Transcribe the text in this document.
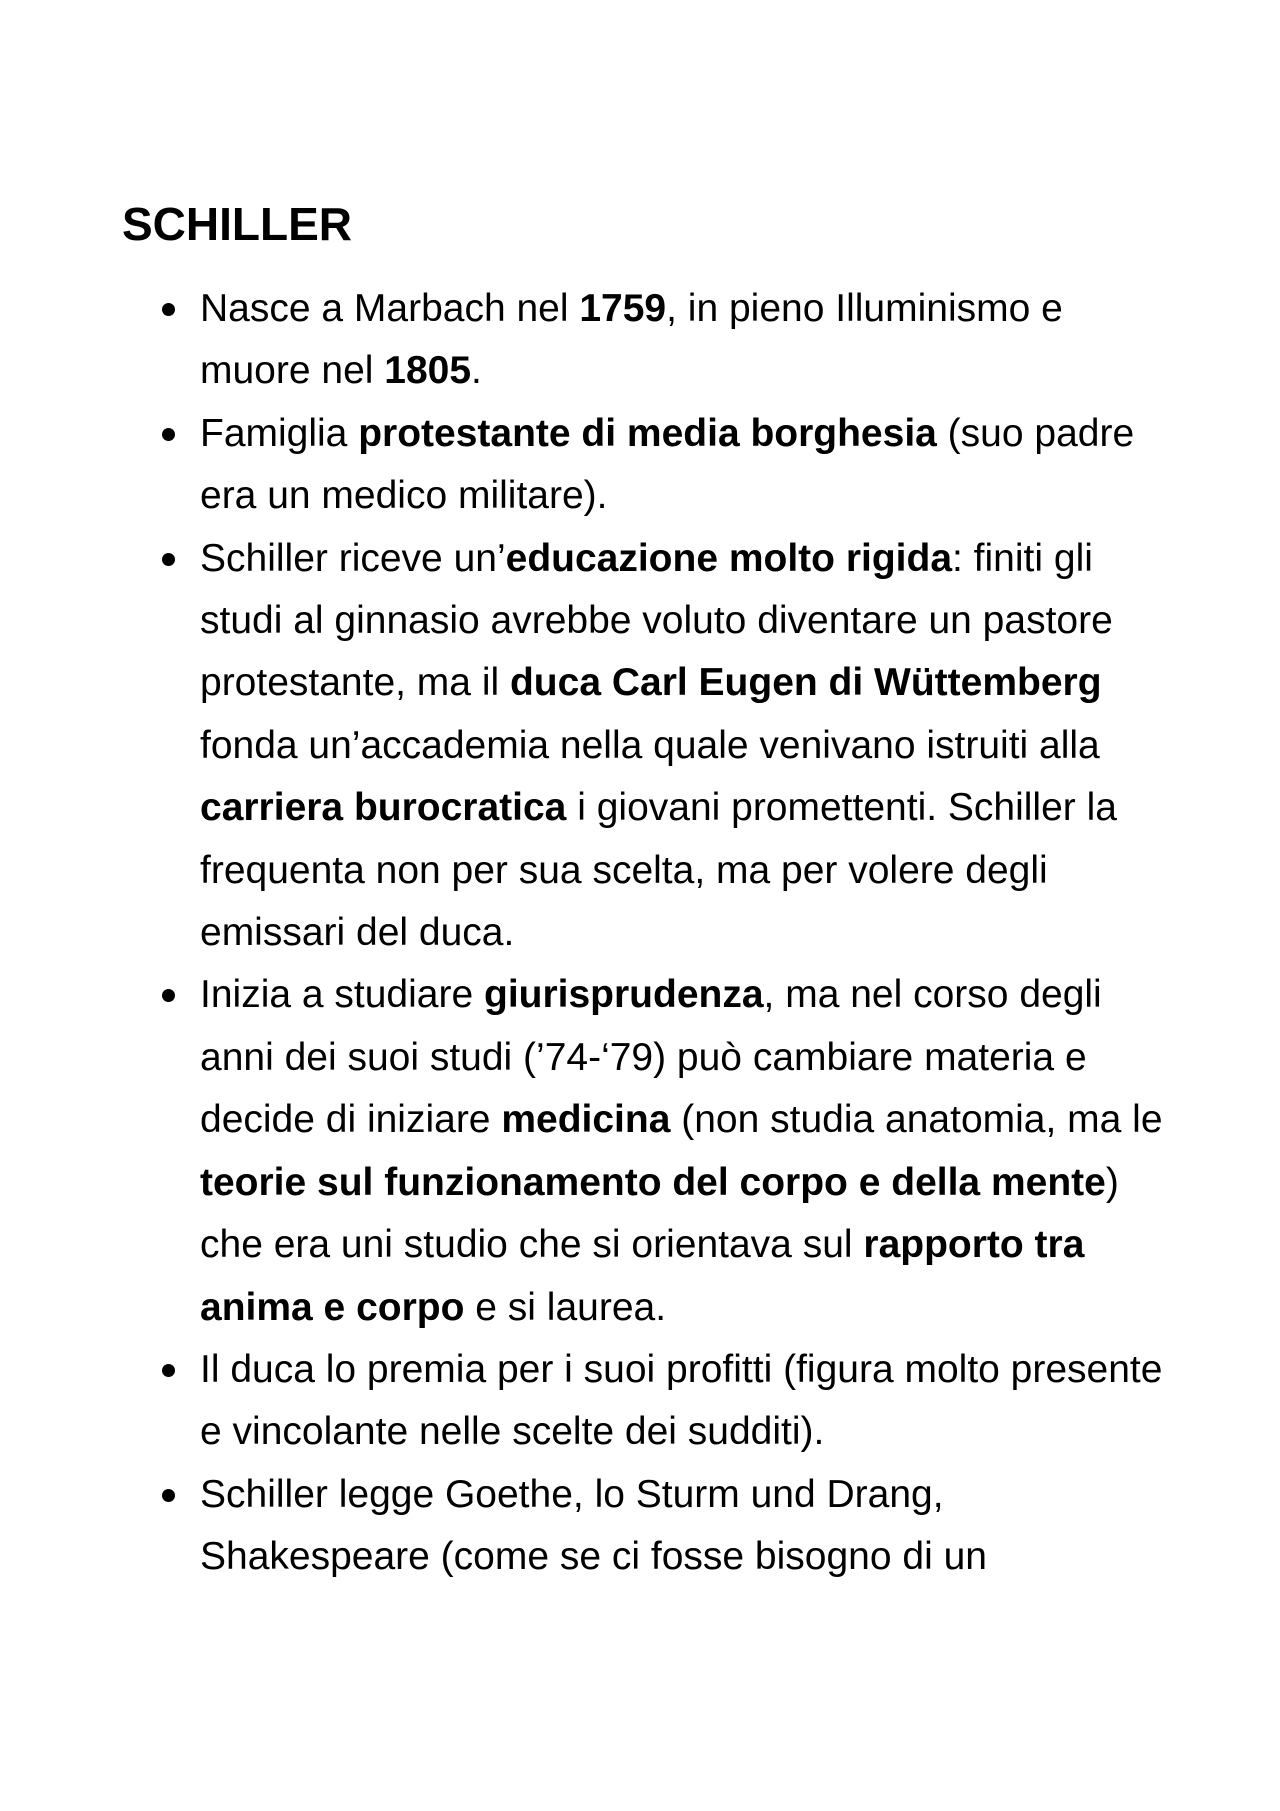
SCHILLER
Nasce a Marbach nel 1759, in pieno Illuminismo e muore nel 1805.
Famiglia protestante di media borghesia (suo padre era un medico militare).
Schiller riceve un’educazione molto rigida: finiti gli studi al ginnasio avrebbe voluto diventare un pastore protestante, ma il duca Carl Eugen di Wüttemberg fonda un’accademia nella quale venivano istruiti alla carriera burocratica i giovani promettenti. Schiller la frequenta non per sua scelta, ma per volere degli emissari del duca.
Inizia a studiare giurisprudenza, ma nel corso degli anni dei suoi studi (’74-‘79) può cambiare materia e decide di iniziare medicina (non studia anatomia, ma le teorie sul funzionamento del corpo e della mente) che era uni studio che si orientava sul rapporto tra anima e corpo e si laurea.
Il duca lo premia per i suoi profitti (figura molto presente e vincolante nelle scelte dei sudditi).
Schiller legge Goethe, lo Sturm und Drang, Shakespeare (come se ci fosse bisogno di un
